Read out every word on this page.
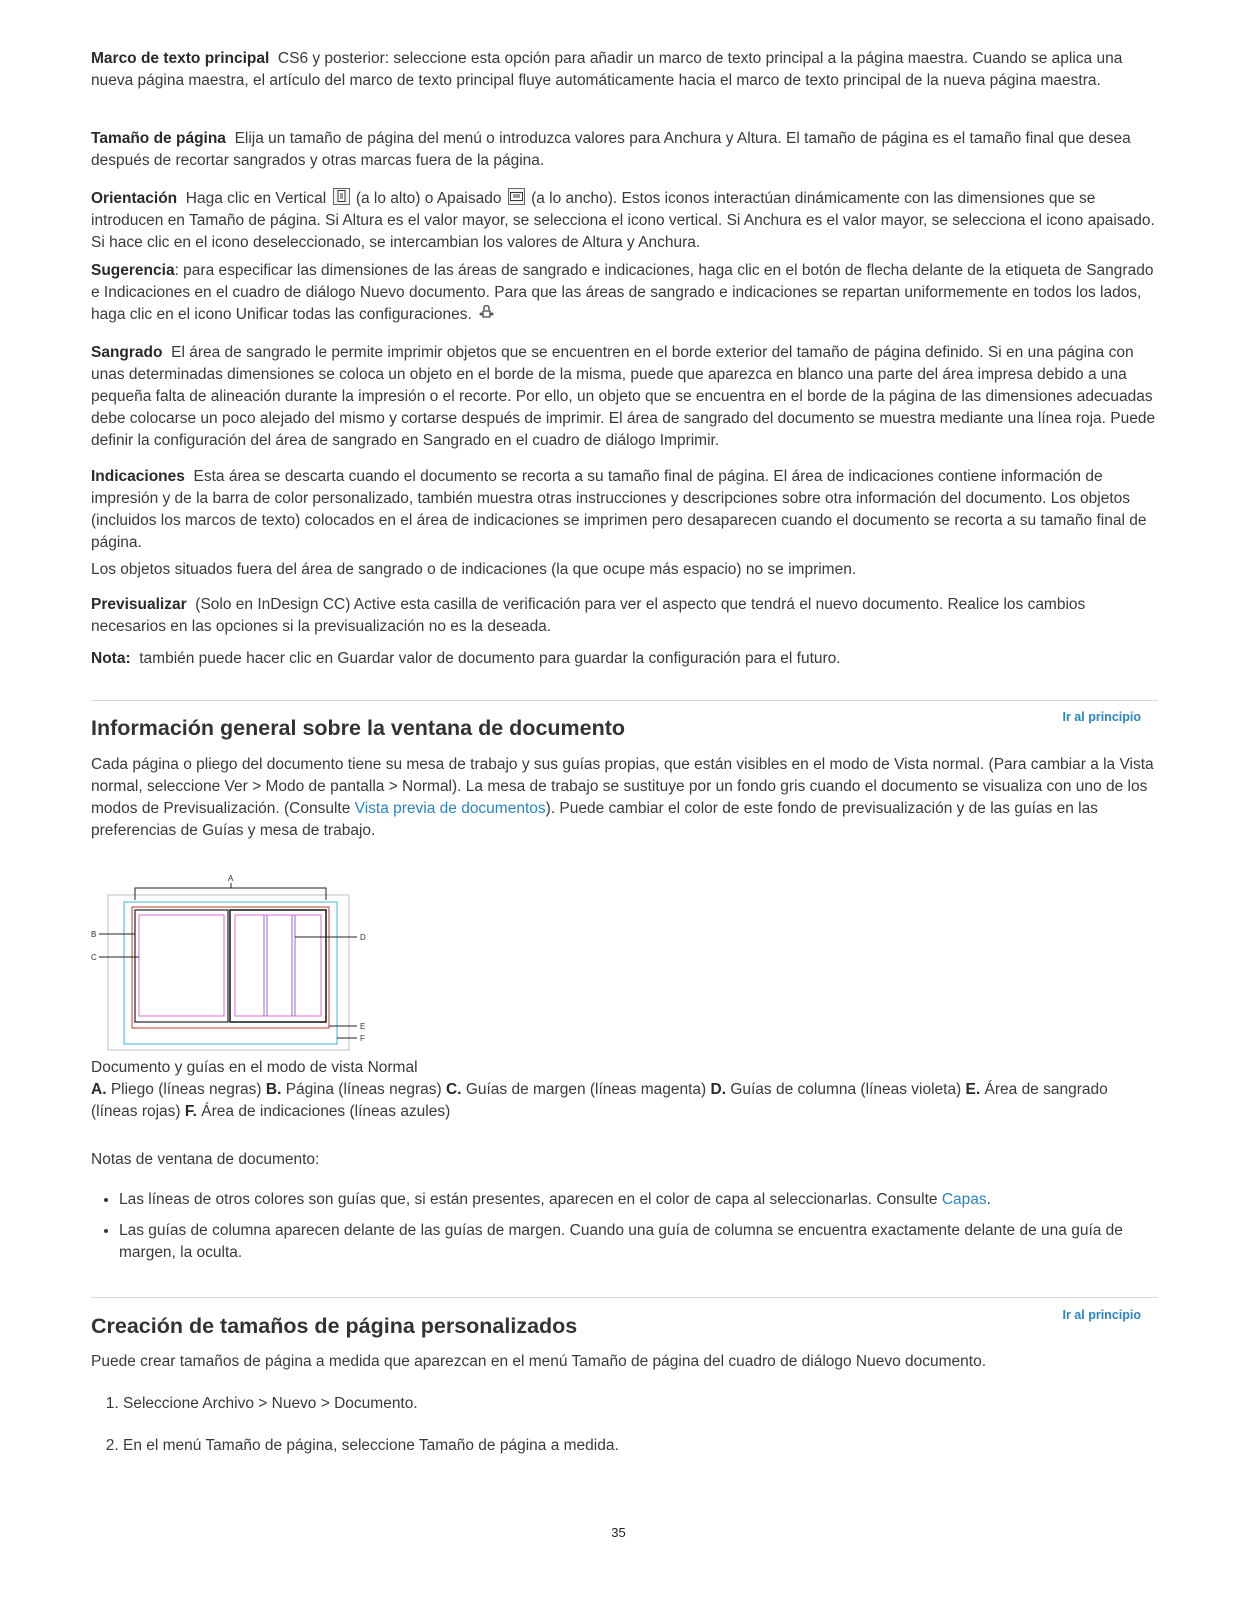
Marco de texto principal CS6 y posterior: seleccione esta opción para añadir un marco de texto principal a la página maestra. Cuando se aplica una nueva página maestra, el artículo del marco de texto principal fluye automáticamente hacia el marco de texto principal de la nueva página maestra.

Tamaño de página Elija un tamaño de página del menú o introduzca valores para Anchura y Altura. El tamaño de página es el tamaño final que desea después de recortar sangrados y otras marcas fuera de la página.

Orientación Haga clic en Vertical (a lo alto) o Apaisado (a lo ancho). Estos iconos interactúan dinámicamente con las dimensiones que se introducen en Tamaño de página. Si Altura es el valor mayor, se selecciona el icono vertical. Si Anchura es el valor mayor, se selecciona el icono apaisado. Si hace clic en el icono deseleccionado, se intercambian los valores de Altura y Anchura.

Sugerencia: para especificar las dimensiones de las áreas de sangrado e indicaciones, haga clic en el botón de flecha delante de la etiqueta de Sangrado e Indicaciones en el cuadro de diálogo Nuevo documento. Para que las áreas de sangrado e indicaciones se repartan uniformemente en todos los lados, haga clic en el icono Unificar todas las configuraciones.

Sangrado El área de sangrado le permite imprimir objetos que se encuentren en el borde exterior del tamaño de página definido. Si en una página con unas determinadas dimensiones se coloca un objeto en el borde de la misma, puede que aparezca en blanco una parte del área impresa debido a una pequeña falta de alineación durante la impresión o el recorte. Por ello, un objeto que se encuentra en el borde de la página de las dimensiones adecuadas debe colocarse un poco alejado del mismo y cortarse después de imprimir. El área de sangrado del documento se muestra mediante una línea roja. Puede definir la configuración del área de sangrado en Sangrado en el cuadro de diálogo Imprimir.

Indicaciones Esta área se descarta cuando el documento se recorta a su tamaño final de página. El área de indicaciones contiene información de impresión y de la barra de color personalizado, también muestra otras instrucciones y descripciones sobre otra información del documento. Los objetos (incluidos los marcos de texto) colocados en el área de indicaciones se imprimen pero desaparecen cuando el documento se recorta a su tamaño final de página.

Los objetos situados fuera del área de sangrado o de indicaciones (la que ocupe más espacio) no se imprimen.

Previsualizar (Solo en InDesign CC) Active esta casilla de verificación para ver el aspecto que tendrá el nuevo documento. Realice los cambios necesarios en las opciones si la previsualización no es la deseada.

Nota: también puede hacer clic en Guardar valor de documento para guardar la configuración para el futuro.

Ir al principio
Información general sobre la ventana de documento

Cada página o pliego del documento tiene su mesa de trabajo y sus guías propias, que están visibles en el modo de Vista normal. (Para cambiar a la Vista normal, seleccione Ver > Modo de pantalla > Normal). La mesa de trabajo se sustituye por un fondo gris cuando el documento se visualiza con uno de los modos de Previsualización. (Consulte Vista previa de documentos). Puede cambiar el color de este fondo de previsualización y de las guías en las preferencias de Guías y mesa de trabajo.

A
B
C
D
E
F

Documento y guías en el modo de vista Normal

A. Pliego (líneas negras) B. Página (líneas negras) C. Guías de margen (líneas magenta) D. Guías de columna (líneas violeta) E. Área de sangrado (líneas rojas) F. Área de indicaciones (líneas azules)

Notas de ventana de documento:

• Las líneas de otros colores son guías que, si están presentes, aparecen en el color de capa al seleccionarlas. Consulte Capas.
• Las guías de columna aparecen delante de las guías de margen. Cuando una guía de columna se encuentra exactamente delante de una guía de margen, la oculta.
Ir al principio
Creación de tamaños de página personalizados

Puede crear tamaños de página a medida que aparezcan en el menú Tamaño de página del cuadro de diálogo Nuevo documento.

1. Seleccione Archivo > Nuevo > Documento.
2. En el menú Tamaño de página, seleccione Tamaño de página a medida.
35
